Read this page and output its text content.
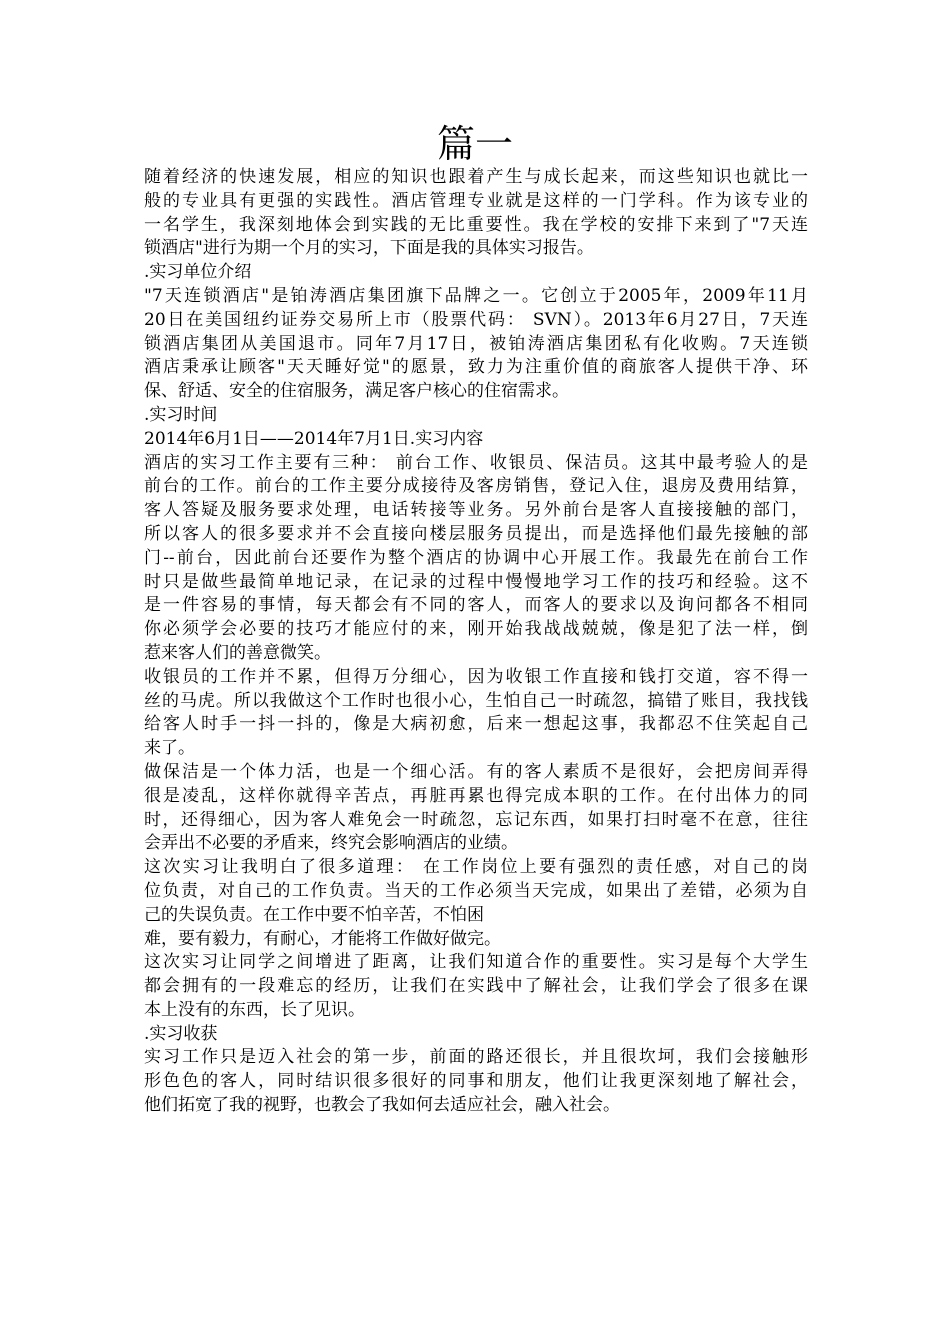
篇一
随着经济的快速发展，相应的知识也跟着产生与成长起来，而这些知识也就比一
般的专业具有更强的实践性。酒店管理专业就是这样的一门学科。作为该专业的
一名学生，我深刻地体会到实践的无比重要性。我在学校的安排下来到了"7天连
锁酒店"进行为期一个月的实习，下面是我的具体实习报告。
.实习单位介绍
"7天连锁酒店"是铂涛酒店集团旗下品牌之一。它创立于2005年，2009年11月
20日在美国纽约证券交易所上市（股票代码： SVN）。2013年6月27日，7天连
锁酒店集团从美国退市。同年7月17日，被铂涛酒店集团私有化收购。7天连锁
酒店秉承让顾客"天天睡好觉"的愿景，致力为注重价值的商旅客人提供干净、环
保、舒适、安全的住宿服务，满足客户核心的住宿需求。
.实习时间
2014年6月1日——2014年7月1日.实习内容
酒店的实习工作主要有三种： 前台工作、收银员、保洁员。这其中最考验人的是
前台的工作。前台的工作主要分成接待及客房销售，登记入住，退房及费用结算，
客人答疑及服务要求处理，电话转接等业务。另外前台是客人直接接触的部门，
所以客人的很多要求并不会直接向楼层服务员提出，而是选择他们最先接触的部
门--前台，因此前台还要作为整个酒店的协调中心开展工作。我最先在前台工作
时只是做些最简单地记录，在记录的过程中慢慢地学习工作的技巧和经验。这不
是一件容易的事情，每天都会有不同的客人，而客人的要求以及询问都各不相同
你必须学会必要的技巧才能应付的来，刚开始我战战兢兢，像是犯了法一样，倒
惹来客人们的善意微笑。
收银员的工作并不累，但得万分细心，因为收银工作直接和钱打交道，容不得一
丝的马虎。所以我做这个工作时也很小心，生怕自己一时疏忽，搞错了账目，我找钱
给客人时手一抖一抖的，像是大病初愈，后来一想起这事，我都忍不住笑起自己
来了。
做保洁是一个体力活，也是一个细心活。有的客人素质不是很好，会把房间弄得
很是凌乱，这样你就得辛苦点，再脏再累也得完成本职的工作。在付出体力的同
时，还得细心，因为客人难免会一时疏忽，忘记东西，如果打扫时毫不在意，往往
会弄出不必要的矛盾来，终究会影响酒店的业绩。
这次实习让我明白了很多道理： 在工作岗位上要有强烈的责任感，对自己的岗
位负责，对自己的工作负责。当天的工作必须当天完成，如果出了差错，必须为自
己的失误负责。在工作中要不怕辛苦，不怕困
难，要有毅力，有耐心，才能将工作做好做完。
这次实习让同学之间增进了距离，让我们知道合作的重要性。实习是每个大学生
都会拥有的一段难忘的经历，让我们在实践中了解社会，让我们学会了很多在课
本上没有的东西，长了见识。
.实习收获
实习工作只是迈入社会的第一步，前面的路还很长，并且很坎坷，我们会接触形
形色色的客人，同时结识很多很好的同事和朋友，他们让我更深刻地了解社会，
他们拓宽了我的视野，也教会了我如何去适应社会，融入社会。
